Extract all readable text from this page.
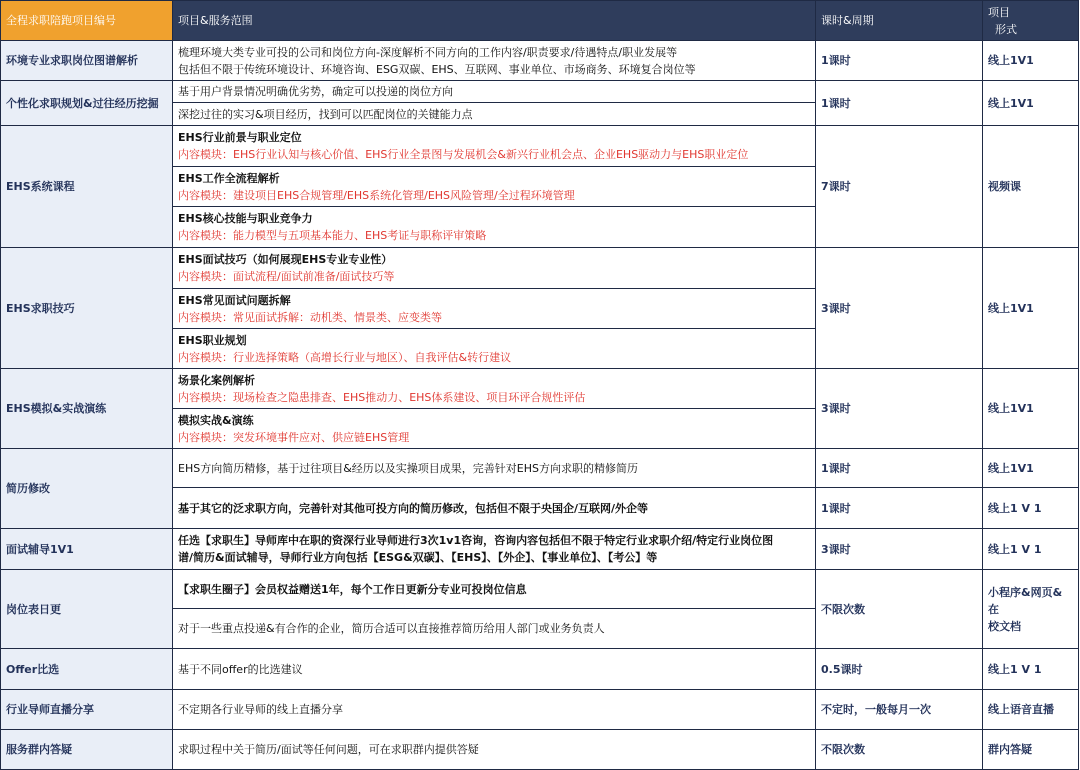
全程求职陪跑项目编号	项目&服务范围	课时&周期	项目
形式

环境专业求职岗位图谱解析	梳理环境大类专业可投的公司和岗位方向-深度解析不同方向的工作内容/职责要求/待遇特点/职业发展等
包括但不限于传统环境设计、环境咨询、ESG双碳、EHS、互联网、事业单位、市场商务、环境复合岗位等	1课时	线上1V1
个性化求职规划&过往经历挖掘	基于用户背景情况明确优劣势，确定可以投递的岗位方向	1课时	线上1V1
	深挖过往的实习&项目经历，找到可以匹配岗位的关键能力点		
EHS系统课程	EHS行业前景与职业定位
内容模块：EHS行业认知与核心价值、EHS行业全景图与发展机会&新兴行业机会点、企业EHS驱动力与EHS职业定位	7课时	视频课

	EHS工作全流程解析
内容模块：建设项目EHS合规管理/EHS系统化管理/EHS风险管理/全过程环境管理		

	EHS核心技能与职业竞争力
内容模块：能力模型与五项基本能力、EHS考证与职称评审策略		

EHS求职技巧	EHS面试技巧（如何展现EHS专业专业性）
内容模块：面试流程/面试前准备/面试技巧等	3课时	线上1V1

	EHS常见面试问题拆解
内容模块：常见面试拆解：动机类、情景类、应变类等		

	EHS职业规划
内容模块：行业选择策略（高增长行业与地区）、自我评估&转行建议		

EHS模拟&实战演练	场景化案例解析
内容模块：现场检查之隐患排查、EHS推动力、EHS体系建设、项目环评合规性评估	3课时	线上1V1

	模拟实战&演练
内容模块：突发环境事件应对、供应链EHS管理		

简历修改	EHS方向简历精修，基于过往项目&经历以及实操项目成果，完善针对EHS方向求职的精修简历	1课时	线上1V1
	基于其它的泛求职方向，完善针对其他可投方向的简历修改，包括但不限于央国企/互联网/外企等	1课时	线上1 V 1
面试辅导1V1	任选【求职生】导师库中在职的资深行业导师进行3次1v1咨询，咨询内容包括但不限于特定行业求职介绍/特定行业岗位图
谱/简历&面试辅导，导师行业方向包括【ESG&双碳】、【EHS】、【外企】、【事业单位】、【考公】等	3课时	线上1 V 1
岗位表日更	【求职生圈子】会员权益赠送1年，每个工作日更新分专业可投岗位信息	不限次数	小程序&网页&在
校文档

	对于一些重点投递&有合作的企业，简历合适可以直接推荐简历给用人部门或业务负责人		
Offer比选	基于不同offer的比选建议	0.5课时	线上1 V 1
行业导师直播分享	不定期各行业导师的线上直播分享	不定时，一般每月一次	线上语音直播
服务群内答疑	求职过程中关于简历/面试等任何问题，可在求职群内提供答疑	不限次数	群内答疑
